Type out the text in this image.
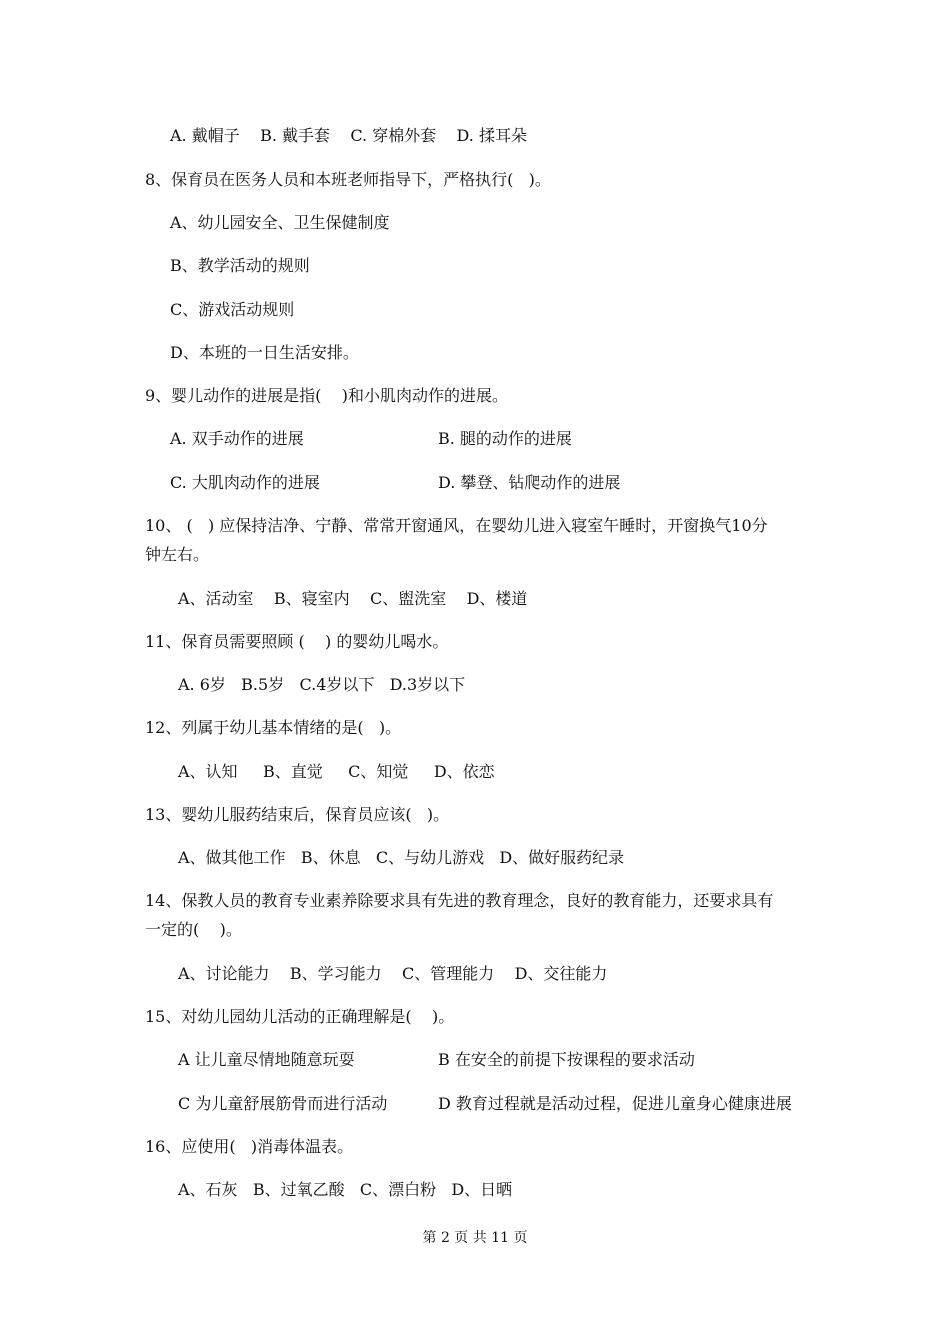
A. 戴帽子    B. 戴手套    C. 穿棉外套    D. 揉耳朵
8、保育员在医务人员和本班老师指导下，严格执行(   )。
A、幼儿园安全、卫生保健制度
B、教学活动的规则
C、游戏活动规则
D、本班的一日生活安排。
9、婴儿动作的进展是指(    )和小肌肉动作的进展。
A. 双手动作的进展	B. 腿的动作的进展
C. 大肌肉动作的进展	D. 攀登、钻爬动作的进展
10、 (   ) 应保持洁净、宁静、常常开窗通风，在婴幼儿进入寝室午睡时，开窗换气10分
钟左右。
A、活动室    B、寝室内    C、盥洗室    D、楼道
11、保育员需要照顾 (    ) 的婴幼儿喝水。
A. 6岁   B.5岁   C.4岁以下   D.3岁以下
12、列属于幼儿基本情绪的是(   )。
A、认知     B、直觉     C、知觉     D、依恋
13、婴幼儿服药结束后，保育员应该(   )。
A、做其他工作   B、休息   C、与幼儿游戏   D、做好服药纪录
14、保教人员的教育专业素养除要求具有先进的教育理念，良好的教育能力，还要求具有
一定的(    )。
A、讨论能力    B、学习能力    C、管理能力    D、交往能力
15、对幼儿园幼儿活动的正确理解是(    )。
A 让儿童尽情地随意玩耍	B 在安全的前提下按课程的要求活动
C 为儿童舒展筋骨而进行活动	D 教育过程就是活动过程，促进儿童身心健康进展
16、应使用(   )消毒体温表。
A、石灰   B、过氧乙酸   C、漂白粉   D、日晒
第 2 页 共 11 页
